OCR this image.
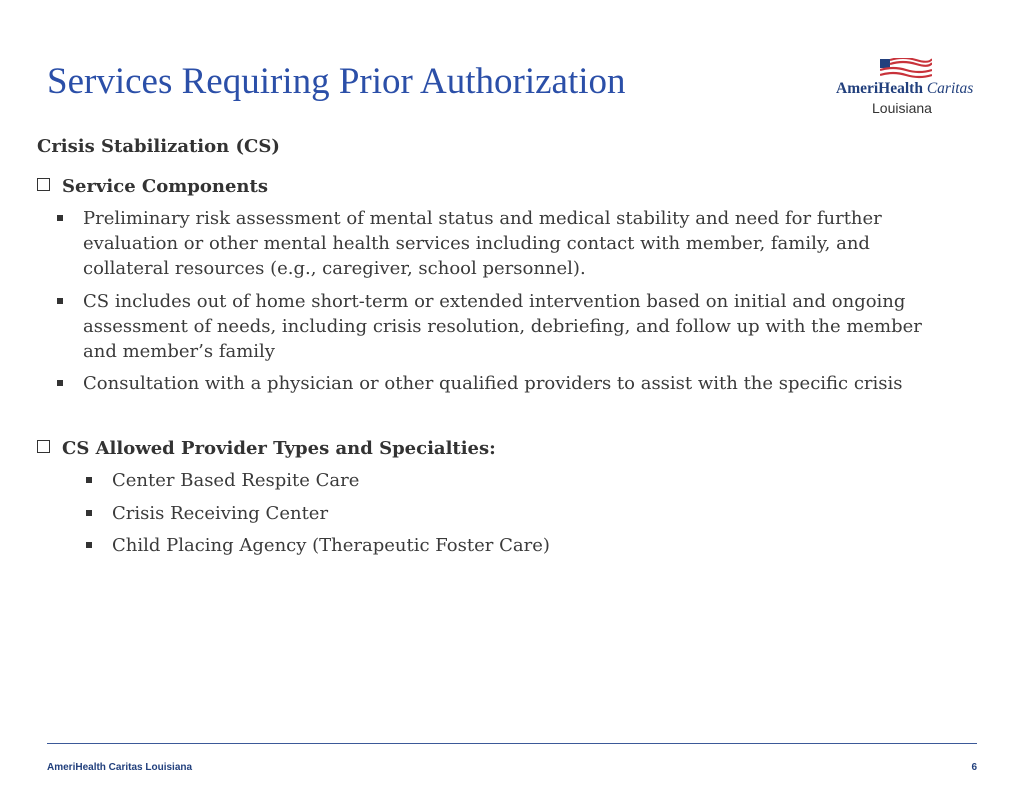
Services Requiring Prior Authorization	AmeriHealth Caritas
Louisiana
Crisis Stabilization (CS)
Service Components
Preliminary risk assessment of mental status and medical stability and need for further evaluation or other mental health services including contact with member, family, and collateral resources (e.g., caregiver, school personnel).
CS includes out of home short-term or extended intervention based on initial and ongoing assessment of needs, including crisis resolution, debriefing, and follow up with the member and member’s family
Consultation with a physician or other qualified providers to assist with the specific crisis
CS Allowed Provider Types and Specialties:
Center Based Respite Care
Crisis Receiving Center
Child Placing Agency (Therapeutic Foster Care)
AmeriHealth Caritas Louisiana	6
